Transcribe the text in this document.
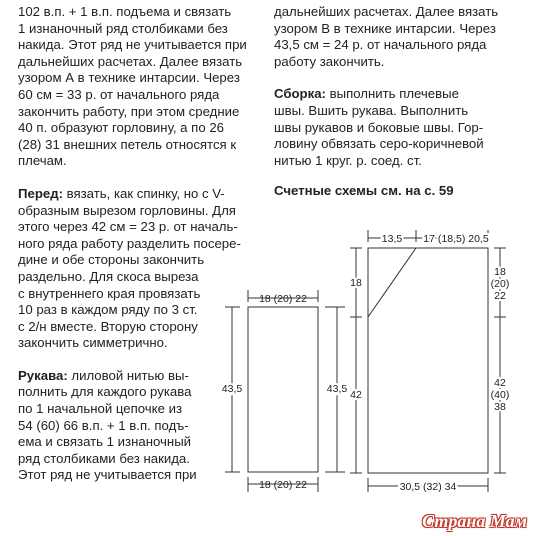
102 в.п. + 1 в.п. подъема и связать
1 изнаночный ряд столбиками без
накида. Этот ряд не учитывается при
дальнейших расчетах. Далее вязать
узором А в технике интарсии. Через
60 см = 33 р. от начального ряда
закончить работу, при этом средние
40 п. образуют горловину, а по 26
(28) 31 внешних петель относятся к
плечам.
Перед: вязать, как спинку, но с V-
образным вырезом горловины. Для
этого через 42 см = 23 р. от началь-
ного ряда работу разделить посере-
дине и обе стороны закончить
раздельно. Для скоса выреза
с внутреннего края провязать
10 раз в каждом ряду по 3 ст.
с 2/н вместе. Вторую сторону
закончить симметрично.
Рукава: лиловой нитью вы-
полнить для каждого рукава
по 1 начальной цепочке из
54 (60) 66 в.п. + 1 в.п. подъ-
ема и связать 1 изнаночный
ряд столбиками без накида.
Этот ряд не учитывается при
дальнейших расчетах. Далее вязать
узором В в технике интарсии. Через
43,5 см = 24 р. от начального ряда
работу закончить.
Сборка: выполнить плечевые
швы. Вшить рукава. Выполнить
швы рукавов и боковые швы. Гор-
ловину обвязать серо-коричневой
нитью 1 круг. р. соед. ст.
Счетные схемы см. на с. 59
18 (20) 22
18 (20) 22
43,5	43,5
13,5 17 (18,5) 20,5
18
42
18
(20)
22
42
(40)
38
30,5 (32) 34
Страна Мам
